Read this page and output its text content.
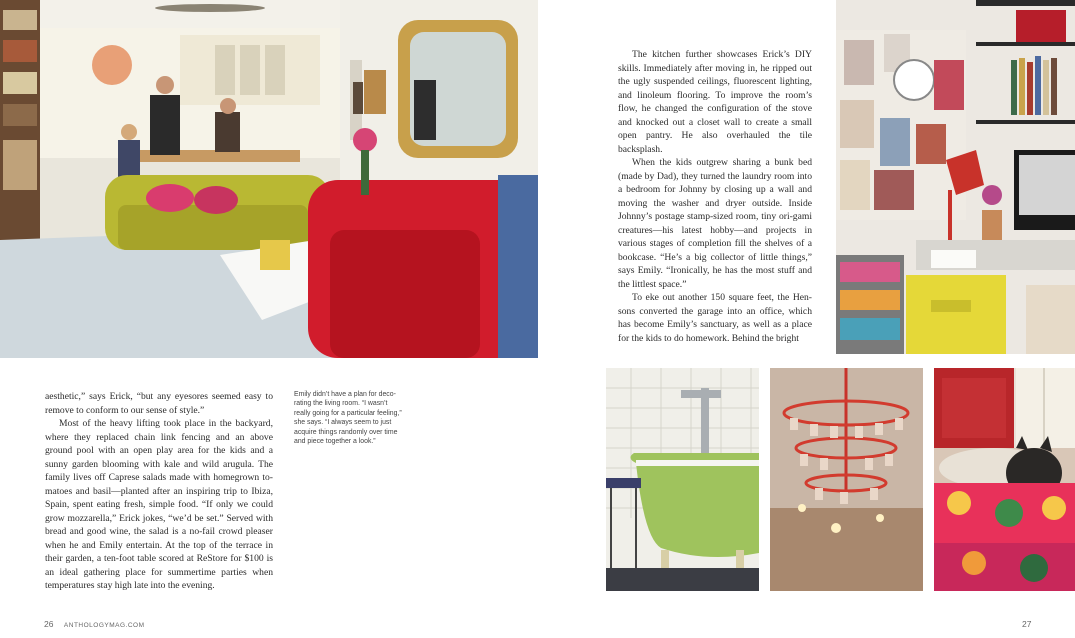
aesthetic,” says Erick, “but any eyesores seemed easy to remove to conform to our sense of style.”

Most of the heavy lifting took place in the backyard, where they replaced chain link fencing and an above ground pool with an open play area for the kids and a sunny garden blooming with kale and wild arugula. The family lives off Caprese salads made with homegrown to-matoes and basil—planted after an inspiring trip to Ibiza, Spain, spent eating fresh, simple food. “If only we could grow mozzarella,” Erick jokes, “we’d be set.” Served with bread and good wine, the salad is a no-fail crowd pleaser when he and Emily entertain. At the top of the terrace in their garden, a ten-foot table scored at ReStore for $100 is an ideal gathering place for summertime parties when temperatures stay high late into the evening.

Emily didn’t have a plan for deco-
rating the living room. “I wasn’t
really going for a particular feeling,”
she says. “I always seem to just
acquire things randomly over time
and piece together a look.”

The kitchen further showcases Erick’s DIY skills. Immediately after moving in, he ripped out the ugly suspended ceilings, fluorescent lighting, and linoleum flooring. To improve the room’s flow, he changed the configuration of the stove and knocked out a closet wall to create a small open pantry. He also overhauled the tile backsplash.

When the kids outgrew sharing a bunk bed (made by Dad), they turned the laundry room into a bedroom for Johnny by closing up a wall and moving the washer and dryer outside. Inside Johnny’s postage stamp-sized room, tiny ori-gami creatures—his latest hobby—and projects in various stages of completion fill the shelves of a bookcase. “He’s a big collector of little things,” says Emily. “Ironically, he has the most stuff and the littlest space.”

To eke out another 150 square feet, the Hen-sons converted the garage into an office, which has become Emily’s sanctuary, as well as a place for the kids to do homework. Behind the bright

26 ANTHOLOGYMAG.COM	27
